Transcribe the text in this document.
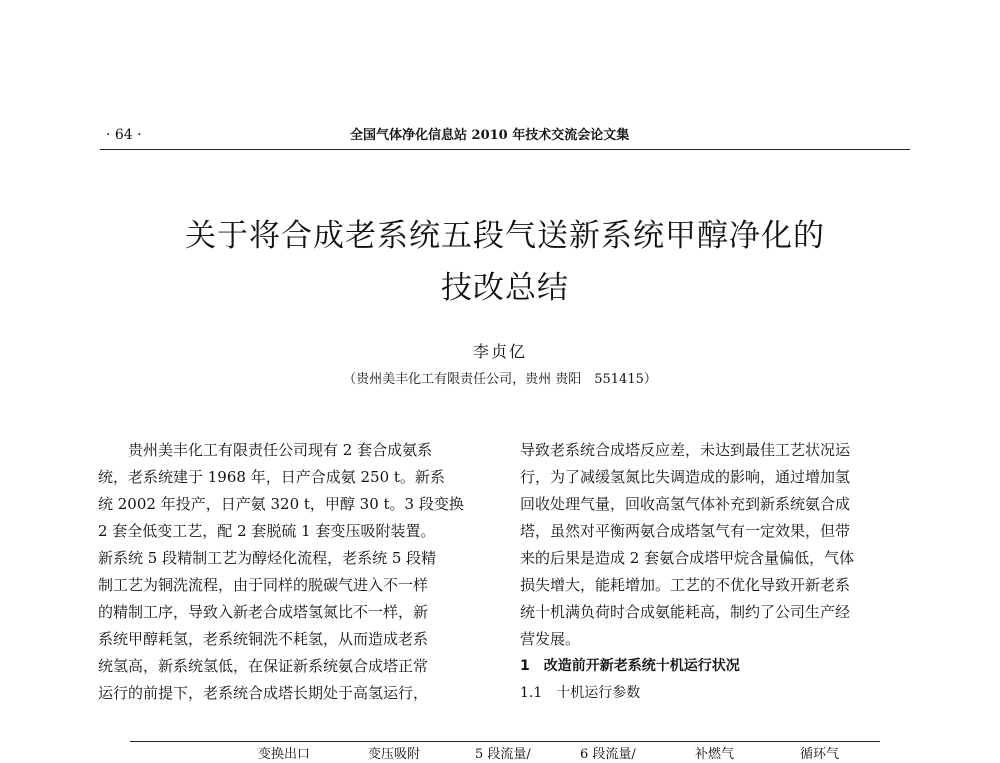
· 64 ·	全国气体净化信息站 2010 年技术交流会论文集
关于将合成老系统五段气送新系统甲醇净化的
技改总结
李贞亿
（贵州美丰化工有限责任公司，贵州 贵阳　551415）
贵州美丰化工有限责任公司现有 2 套合成氨系
统，老系统建于 1968 年，日产合成氨 250 t。新系
统 2002 年投产，日产氨 320 t，甲醇 30 t。3 段变换
2 套全低变工艺，配 2 套脱硫 1 套变压吸附装置。
新系统 5 段精制工艺为醇烃化流程，老系统 5 段精
制工艺为铜洗流程，由于同样的脱碳气进入不一样
的精制工序，导致入新老合成塔氢氮比不一样，新
系统甲醇耗氢，老系统铜洗不耗氢，从而造成老系
统氢高，新系统氢低，在保证新系统氨合成塔正常
运行的前提下，老系统合成塔长期处于高氢运行，
导致老系统合成塔反应差，未达到最佳工艺状况运
行，为了减缓氢氮比失调造成的影响，通过增加氢
回收处理气量，回收高氢气体补充到新系统氨合成
塔，虽然对平衡两氨合成塔氢气有一定效果，但带
来的后果是造成 2 套氨合成塔甲烷含量偏低，气体
损失增大，能耗增加。工艺的不优化导致开新老系
统十机满负荷时合成氨能耗高，制约了公司生产经
营发展。
1　改造前开新老系统十机运行状况
1.1　十机运行参数
变换出口	变压吸附	5 段流量/	6 段流量/	补燃气	循环气
